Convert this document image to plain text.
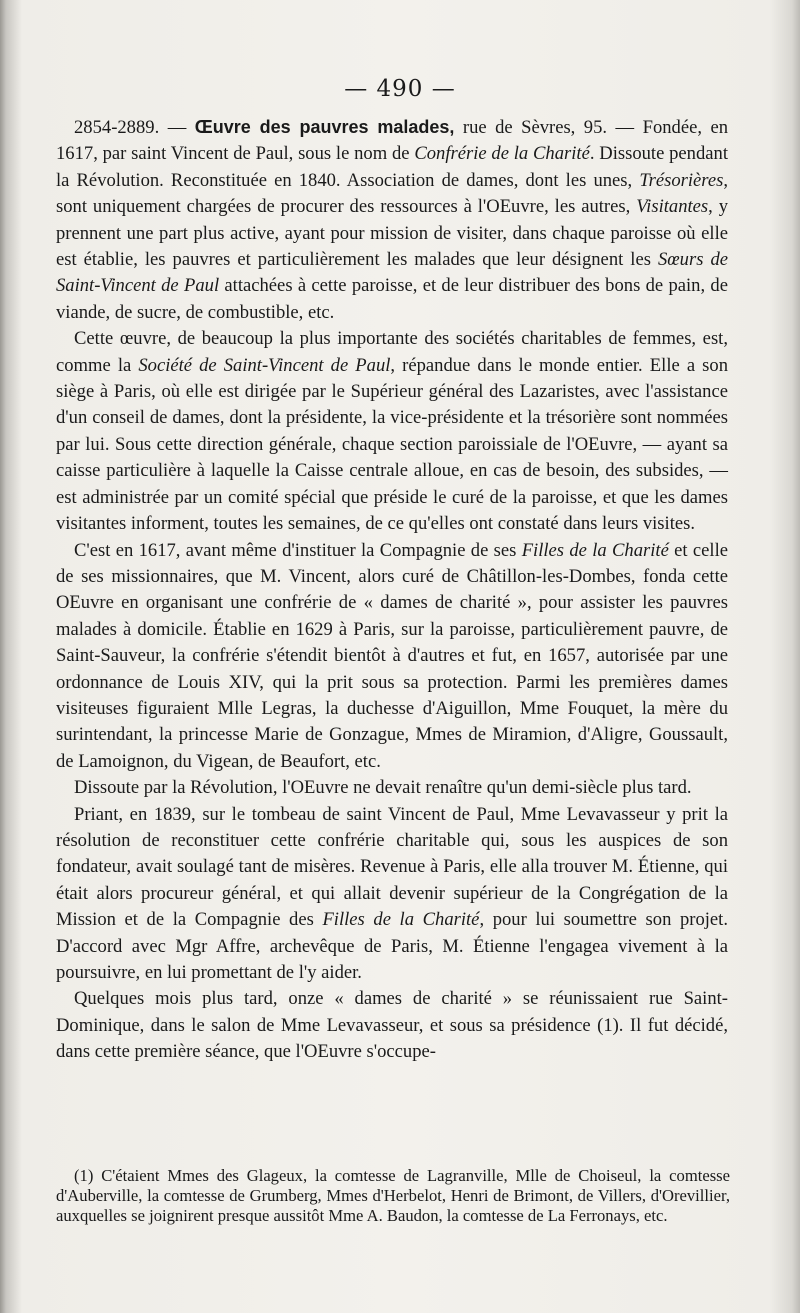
— 490 —

2854-2889. — Œuvre des pauvres malades, rue de Sèvres, 95. — Fondée, en 1617, par saint Vincent de Paul, sous le nom de Confrérie de la Charité. Dissoute pendant la Révolution. Reconstituée en 1840. Association de dames, dont les unes, Trésorières, sont uniquement chargées de procurer des ressources à l'OEuvre, les autres, Visitantes, y prennent une part plus active, ayant pour mission de visiter, dans chaque paroisse où elle est établie, les pauvres et particulièrement les malades que leur désignent les Sœurs de Saint-Vincent de Paul attachées à cette paroisse, et de leur distribuer des bons de pain, de viande, de sucre, de combustible, etc.

Cette œuvre, de beaucoup la plus importante des sociétés charitables de femmes, est, comme la Société de Saint-Vincent de Paul, répandue dans le monde entier. Elle a son siège à Paris, où elle est dirigée par le Supérieur général des Lazaristes, avec l'assistance d'un conseil de dames, dont la présidente, la vice-présidente et la trésorière sont nommées par lui. Sous cette direction générale, chaque section paroissiale de l'OEuvre, — ayant sa caisse particulière à laquelle la Caisse centrale alloue, en cas de besoin, des subsides, — est administrée par un comité spécial que préside le curé de la paroisse, et que les dames visitantes informent, toutes les semaines, de ce qu'elles ont constaté dans leurs visites.

C'est en 1617, avant même d'instituer la Compagnie de ses Filles de la Charité et celle de ses missionnaires, que M. Vincent, alors curé de Châtillon-les-Dombes, fonda cette OEuvre en organisant une confrérie de « dames de charité », pour assister les pauvres malades à domicile. Établie en 1629 à Paris, sur la paroisse, particulièrement pauvre, de Saint-Sauveur, la confrérie s'étendit bientôt à d'autres et fut, en 1657, autorisée par une ordonnance de Louis XIV, qui la prit sous sa protection. Parmi les premières dames visiteuses figuraient Mlle Legras, la duchesse d'Aiguillon, Mme Fouquet, la mère du surintendant, la princesse Marie de Gonzague, Mmes de Miramion, d'Aligre, Goussault, de Lamoignon, du Vigean, de Beaufort, etc.

Dissoute par la Révolution, l'OEuvre ne devait renaître qu'un demi-siècle plus tard.

Priant, en 1839, sur le tombeau de saint Vincent de Paul, Mme Levavasseur y prit la résolution de reconstituer cette confrérie charitable qui, sous les auspices de son fondateur, avait soulagé tant de misères. Revenue à Paris, elle alla trouver M. Étienne, qui était alors procureur général, et qui allait devenir supérieur de la Congrégation de la Mission et de la Compagnie des Filles de la Charité, pour lui soumettre son projet. D'accord avec Mgr Affre, archevêque de Paris, M. Étienne l'engagea vivement à la poursuivre, en lui promettant de l'y aider.

Quelques mois plus tard, onze « dames de charité » se réunissaient rue Saint-Dominique, dans le salon de Mme Levavasseur, et sous sa présidence (1). Il fut décidé, dans cette première séance, que l'OEuvre s'occupe-

(1) C'étaient Mmes des Glageux, la comtesse de Lagranville, Mlle de Choiseul, la comtesse d'Auberville, la comtesse de Grumberg, Mmes d'Herbelot, Henri de Brimont, de Villers, d'Orevillier, auxquelles se joignirent presque aussitôt Mme A. Baudon, la comtesse de La Ferronays, etc.
